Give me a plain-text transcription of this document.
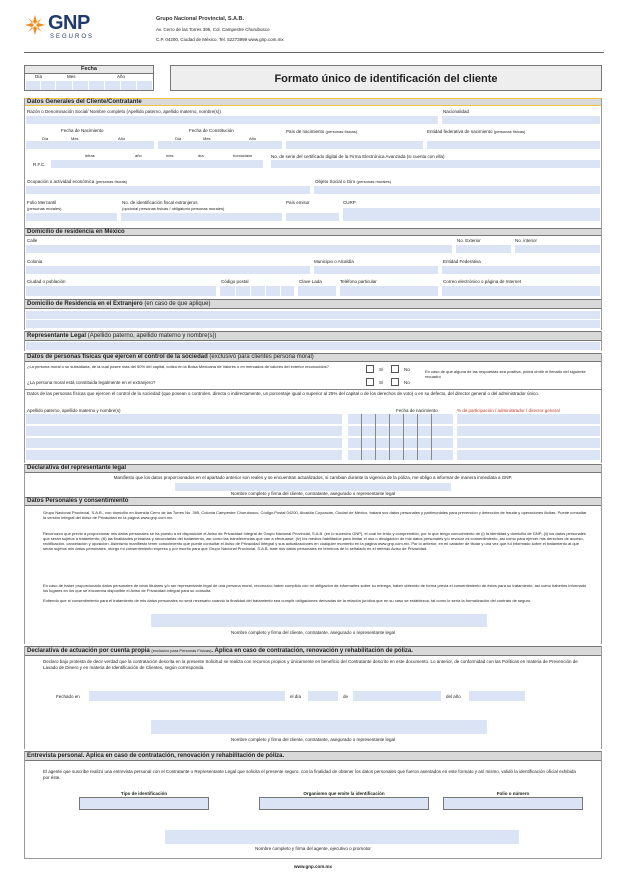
GNP
SEGUROS
Grupo Nacional Provincial, S.A.B.
Av. Cerro de las Torres 395, Col. Campestre Churubusco
C.P. 04200, Ciudad de México. Tel. 52273999 www.gnp.com.mx
Fecha
Día	Mes	Año	Formato único de identificación del cliente
Datos Generales del Cliente/Contratante
Razón o Denominación Social/ Nombre completo (Apellido paterno, apellido materno, nombre(s))	Nacionalidad
Fecha de Nacimiento	Fecha de Constitución	País de nacimiento (personas físicas)	Entidad federativa de nacimiento (personas físicas)
Día	Mes	Año	Día	Mes	Año
letras	año	mes	día	homoclave	No. de serie del certificado digital de la Firma Electrónica Avanzada (si cuenta con ella)
R.F.C.
Ocupación o actividad económica (personas físicas)	Objeto Social o Giro (personas morales)
Folio Mercantil
(personas morales)
No. de identificación fiscal extranjeros
(opcional personas físicas / obligatorio personas morales)
País emisor	CURP
Domicilio de residencia en México
Calle	No. Exterior	No. interior
Colonia	Municipio o Alcaldía	Entidad Federativa
Ciudad o población	Código postal	Clave Lada	Teléfono particular	Correo electrónico o página de Internet
Domicilio de Residencia en el Extranjero (en caso de que aplique)
Representante Legal (Apellido paterno, apellido materno y nombre(s))
Datos de personas físicas que ejercen el control de la sociedad (exclusivo para clientes persona moral)
¿La persona moral o su subsidiaria, de la cual posee más del 50% del capital, cotiza en la Bolsa Mexicana de Valores o en mercados de valores del exterior reconocidos?
Sí	No	En caso de que alguna de las respuestas sea positiva, podrá omitir el llenado del siguiente recuadro
¿La persona moral está constituida legalmente en el extranjero?	Sí	No
Datos de las personas físicas que ejercen el control de la sociedad (que posean o controlen, directa o indirectamente, un porcentaje igual o superior al 25% del capital o de los derechos de voto) o en su defecto, del director general o del administrador único.
Apellido paterno, apellido materno y nombre(s)	Fecha de nacimiento	% de participación / administrador / director general
Declarativa del representante legal
Manifiesto que los datos proporcionados en el apartado anterior son reales y se encuentran actualizados, si cambian durante la vigencia de la póliza, me obligo a informar de manera inmediata a GNP.
Nombre completo y firma del cliente, contratante, asegurado o representante legal
Datos Personales y consentimiento
Grupo Nacional Provincial, S.A.B., con domicilio en Avenida Cerro de las Torres No. 395, Colonia Campestre Churubusco, Código Postal 04200, Alcaldía Coyoacán, Ciudad de México, tratará sus datos personales y patrimoniales para prevención y detección de fraude y operaciones ilícitas. Puede consultar la versión integral del Aviso de Privacidad en la página www.gnp.com.mx.
Reconozco que previo a proporcionar mis datos personales se ha puesto a mi disposición el Aviso de Privacidad Integral de Grupo Nacional Provincial, S.A.B. (en lo sucesivo GNP), el cual he leído y comprendido, por lo que tengo conocimiento de (i) la identidad y domicilio de GNP; (ii) los datos personales que serán sujetos a tratamiento; (iii) las finalidades primarias y secundarias del tratamiento, así como las transferencias que van a efectuarse; (iv) los medios habilitados para limitar el uso o divulgación de mis datos personales y/o revocar mi consentimiento, así como para ejercer mis derechos de acceso, rectificación, cancelación y oposición. Asimismo manifiesto tener conocimiento que puede consultar el Aviso de Privacidad Integral y sus actualizaciones en cualquier momento en la página www.gnp.com.mx. Por lo anterior, en mi carácter de titular y una vez que fui informado sobre el tratamiento al que serán sujetos mis datos personales, otorgo mi consentimiento expreso y por escrito para que Grupo Nacional Provincial, S.A.B. trate mis datos personales en términos de lo señalado en el referido Aviso de Privacidad.
En caso de haber proporcionado datos personales de otros titulares y/o ser representante legal de una persona moral, reconozco haber cumplido con mi obligación de informarles sobre su entrega, haber obtenido de forma previa el consentimiento de éstos para su tratamiento, así como haberles informado los lugares en los que se encuentra disponible el Aviso de Privacidad Integral para su consulta.
Entiendo que el consentimiento para el tratamiento de mis datos personales no será necesario cuando la finalidad del tratamiento sea cumplir obligaciones derivadas de la relación jurídica que en su caso se establezca, tal como lo sería la formalización del contrato de seguro.
Nombre completo y firma del cliente, contratante, asegurado o representante legal
Declarativa de actuación por cuenta propia (exclusivo para Personas Físicas). Aplica en caso de contratación, renovación y rehabilitación de póliza.
Declaro bajo protesta de decir verdad que la contratación descrita en la presente Solicitud se realiza con recursos propios y únicamente en beneficio del Contratante descrito en este documento. Lo anterior, de conformidad con las Políticas en materia de Prevención de Lavado de Dinero y en materia de Identificación de Clientes, según corresponda.
Fechado en	el día	de	del año
Nombre completo y firma del cliente, contratante, asegurado o representante legal
Entrevista personal. Aplica en caso de contratación, renovación y rehabilitación de póliza.
El agente que suscribe realizó una entrevista personal con el Contratante o Representante Legal que solicita el presente seguro, con la finalidad de obtener los datos personales que fueron asentados en este formato y así mismo, validó la identificación oficial exhibida por éste.
Tipo de identificación	Organismo que emite la identificación	Folio o número
Nombre completo y firma del agente, ejecutivo o promotor
www.gnp.com.mx
